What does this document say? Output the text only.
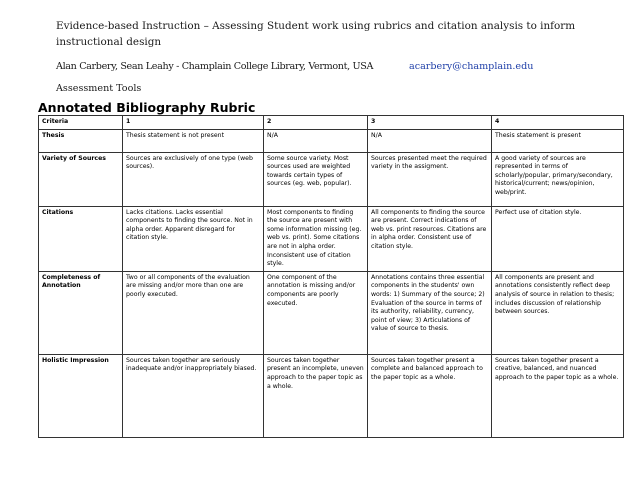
Evidence-based Instruction – Assessing Student work using rubrics and citation analysis to inform instructional design
Alan Carbery, Sean Leahy - Champlain College Library, Vermont, USA	acarbery@champlain.edu
Assessment Tools
Annotated Bibliography Rubric
Criteria	1	2	3	4
Thesis	Thesis statement is not present	N/A	N/A	Thesis statement is present
Variety of Sources	Sources are exclusively of one type (web sources).	Some source variety. Most sources used are weighted towards certain types of sources (eg. web, popular).	Sources presented meet the required variety in the assigment.	A good variety of sources are represented in terms of scholarly/popular, primary/secondary, historical/current; news/opinion, web/print.
Citations	Lacks citations. Lacks essential components to finding the source. Not in alpha order. Apparent disregard for citation style.	Most components to finding the source are present with some information missing (eg. web vs. print). Some citations are not in alpha order. Inconsistent use of citation style.	All components to finding the source are present. Correct indications of web vs. print resources. Citations are in alpha order. Consistent use of citation style.	Perfect use of citation style.
Completeness of Annotation	Two or all components of the evaluation are missing and/or more than one are poorly executed.	One component of the annotation is missing and/or components are poorly executed.	Annotations contains three essential components in the students' own words: 1) Summary of the source; 2) Evaluation of the source in terms of its authority, reliability, currency, point of view; 3) Articulations of value of source to thesis.	All components are present and annotations consistently reflect deep analysis of source in relation to thesis; includes discussion of relationship between sources.
Holistic Impression	Sources taken together are seriously inadequate and/or inappropriately biased.	Sources taken together present an incomplete, uneven approach to the paper topic as a whole.	Sources taken together present a complete and balanced approach to the paper topic as a whole.	Sources taken together present a creative, balanced, and nuanced approach to the paper topic as a whole.
